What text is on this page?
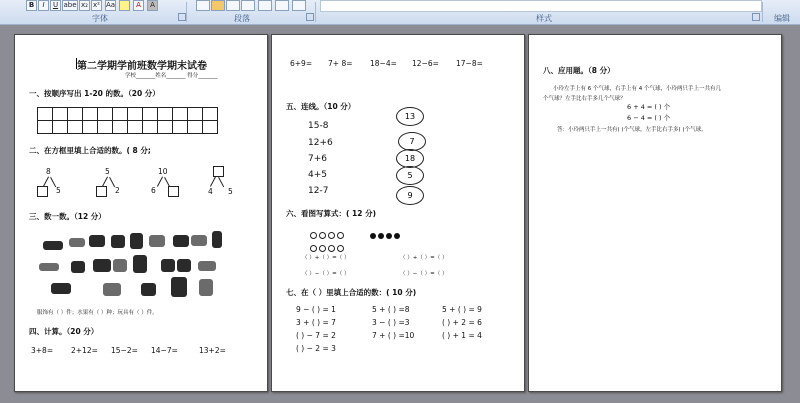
B	I	U abe x₂ x² Aa	A	A
字体	段落	样式	编辑
第二学期学前班数学期末试卷
学校_______姓名_______ 得分_______
一、按顺序写出 1-20 的数。（20 分）

二、在方框里填上合适的数。( 8 分;
8
5
5
2
10
6	4 5
三、数一数。（12 分）
服饰有（ ）件；水果有（ ）种；玩具有（ ）件。
四、计算。（20 分）
3+8= 2+12= 15−2= 14−7=	13+2=
6+9= 7+ 8= 18−4= 12−6= 17−8=
五、连线。（10 分）
15-8
12+6
7+6
4+5
12-7
13
7
18
5
9
六、看图写算式：( 12 分)
（ ）+（ ）=（ ）	（ ）+（ ）=（ ）
（ ）−（ ）=（ ）	（ ）−（ ）=（ ）
七、在（ ）里填上合适的数：( 10 分)
9 − ( ) = 1	5 + ( ) =8	5 + ( ) = 9
3 + ( ) = 7	3 − ( ) =3	( ) + 2 = 6
( ) − 7 = 2	7 + ( ) =10	( ) + 1 = 4
( ) − 2 = 3
八、应用题。（8 分）
小玲左手上有 6 个气球，右手上有 4 个气球，小玲两只手上一共有几
个气球？左手比右手多几个气球？
6 + 4 = ( ) 个
6 − 4 = ( ) 个
答：小玲两只手上一共有( )个气球，左手比右手多( )个气球。
